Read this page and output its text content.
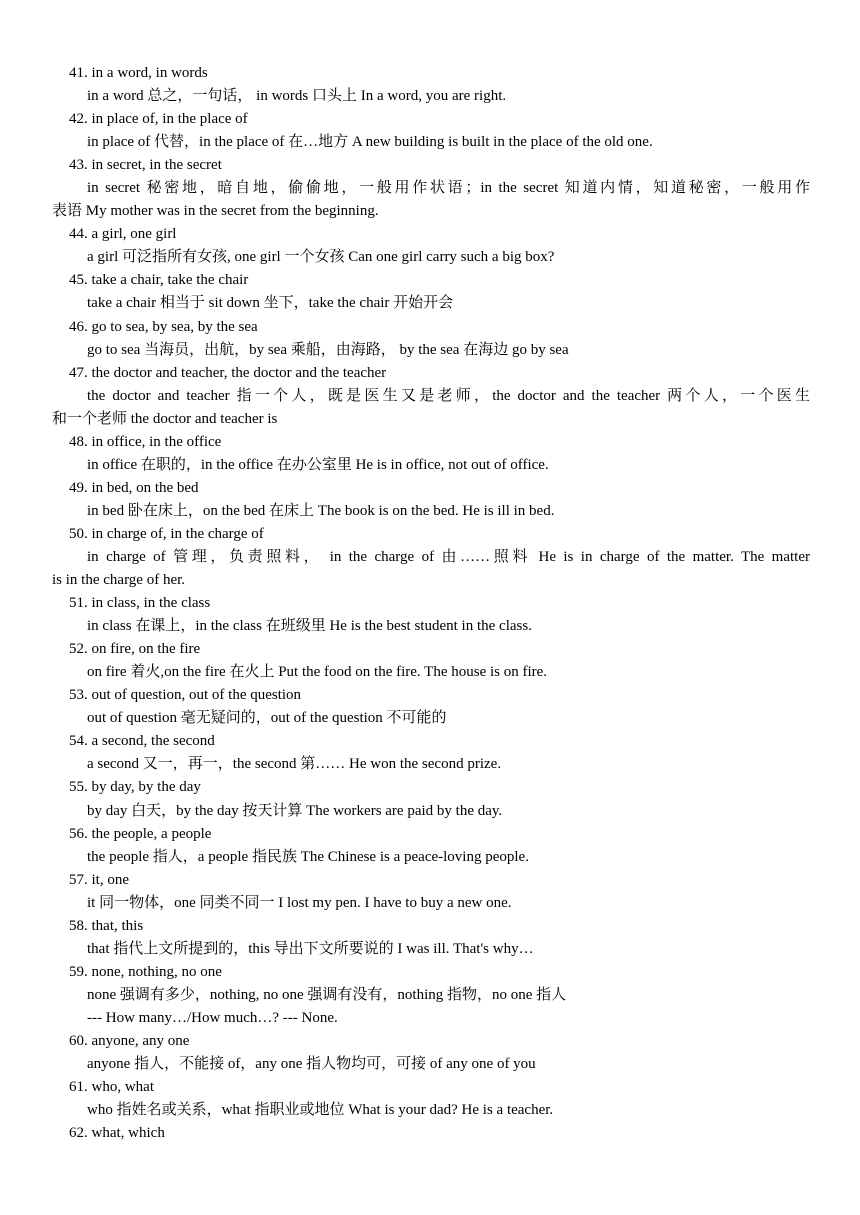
41. in a word, in words
in a word 总之，一句话， in words 口头上 In a word, you are right.
42. in place of, in the place of
in place of 代替，in the place of 在…地方 A new building is built in the place of the old one.
43. in secret, in the secret
in secret 秘密地，暗自地，偷偷地，一般用作状语；in the secret 知道内情，知道秘密，一般用作
表语 My mother was in the secret from the beginning.
44. a girl, one girl
a girl 可泛指所有女孩, one girl 一个女孩 Can one girl carry such a big box?
45. take a chair, take the chair
take a chair 相当于 sit down 坐下，take the chair 开始开会
46. go to sea, by sea, by the sea
go to sea 当海员，出航，by sea 乘船，由海路， by the sea 在海边 go by sea
47. the doctor and teacher, the doctor and the teacher
the doctor and teacher 指一个人，既是医生又是老师，the doctor and the teacher 两个人，一个医生
和一个老师 the doctor and teacher is
48. in office, in the office
in office 在职的，in the office 在办公室里 He is in office, not out of office.
49. in bed, on the bed
in bed 卧在床上，on the bed 在床上 The book is on the bed. He is ill in bed.
50. in charge of, in the charge of
in charge of 管理，负责照料， in the charge of 由……照料 He is in charge of the matter. The matter
is in the charge of her.
51. in class, in the class
in class 在课上，in the class 在班级里 He is the best student in the class.
52. on fire, on the fire
on fire 着火,on the fire 在火上 Put the food on the fire. The house is on fire.
53. out of question, out of the question
out of question 毫无疑问的，out of the question 不可能的
54. a second, the second
a second 又一，再一，the second 第…… He won the second prize.
55. by day, by the day
by day 白天，by the day 按天计算 The workers are paid by the day.
56. the people, a people
the people 指人，a people 指民族 The Chinese is a peace-loving people.
57. it, one
it 同一物体，one 同类不同一 I lost my pen. I have to buy a new one.
58. that, this
that 指代上文所提到的，this 导出下文所要说的 I was ill. That's why…
59. none, nothing, no one
none 强调有多少，nothing, no one 强调有没有，nothing 指物，no one 指人
--- How many…/How much…? --- None.
60. anyone, any one
anyone 指人，不能接 of，any one 指人物均可，可接 of any one of you
61. who, what
who 指姓名或关系，what 指职业或地位 What is your dad? He is a teacher.
62. what, which
